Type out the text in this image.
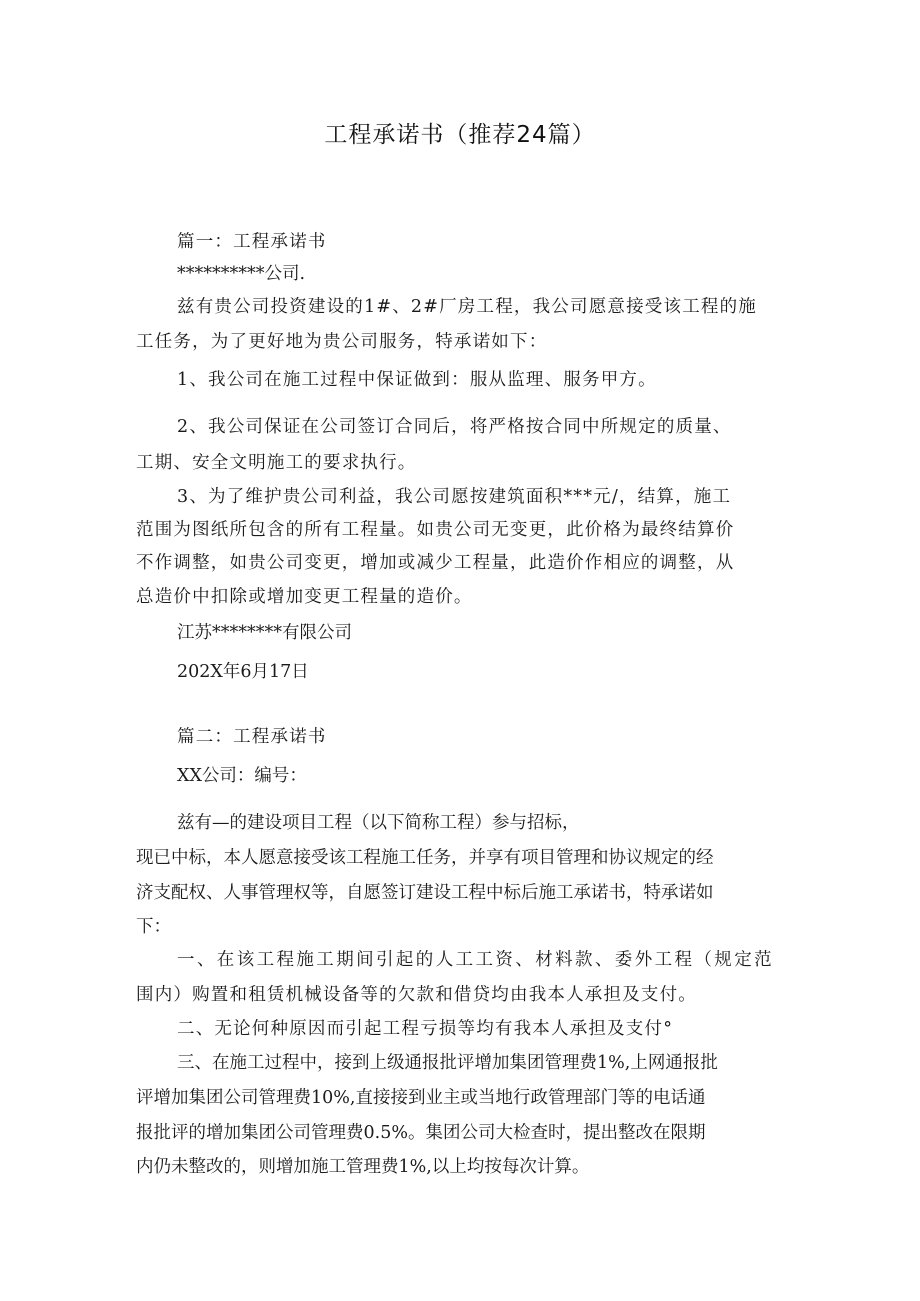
工程承诺书（推荐24篇）
篇一：工程承诺书
**********公司.
兹有贵公司投资建设的1#、2#厂房工程，我公司愿意接受该工程的施
工任务，为了更好地为贵公司服务，特承诺如下：
1、我公司在施工过程中保证做到：服从监理、服务甲方。
2、我公司保证在公司签订合同后，将严格按合同中所规定的质量、
工期、安全文明施工的要求执行。
3、为了维护贵公司利益，我公司愿按建筑面积***元/，结算，施工
范围为图纸所包含的所有工程量。如贵公司无变更，此价格为最终结算价
不作调整，如贵公司变更，增加或减少工程量，此造价作相应的调整，从
总造价中扣除或增加变更工程量的造价。
江苏********有限公司
202X年6月17日
篇二：工程承诺书
XX公司：编号：
兹有—的建设项目工程（以下简称工程）参与招标，
现已中标，本人愿意接受该工程施工任务，并享有项目管理和协议规定的经
济支配权、人事管理权等，自愿签订建设工程中标后施工承诺书，特承诺如
下：
一、在该工程施工期间引起的人工工资、材料款、委外工程（规定范
围内）购置和租赁机械设备等的欠款和借贷均由我本人承担及支付。
二、无论何种原因而引起工程亏损等均有我本人承担及支付°
三、在施工过程中，接到上级通报批评增加集团管理费1%,上网通报批
评增加集团公司管理费10%,直接接到业主或当地行政管理部门等的电话通
报批评的增加集团公司管理费0.5%。集团公司大检查时，提出整改在限期
内仍未整改的，则增加施工管理费1%,以上均按每次计算。
